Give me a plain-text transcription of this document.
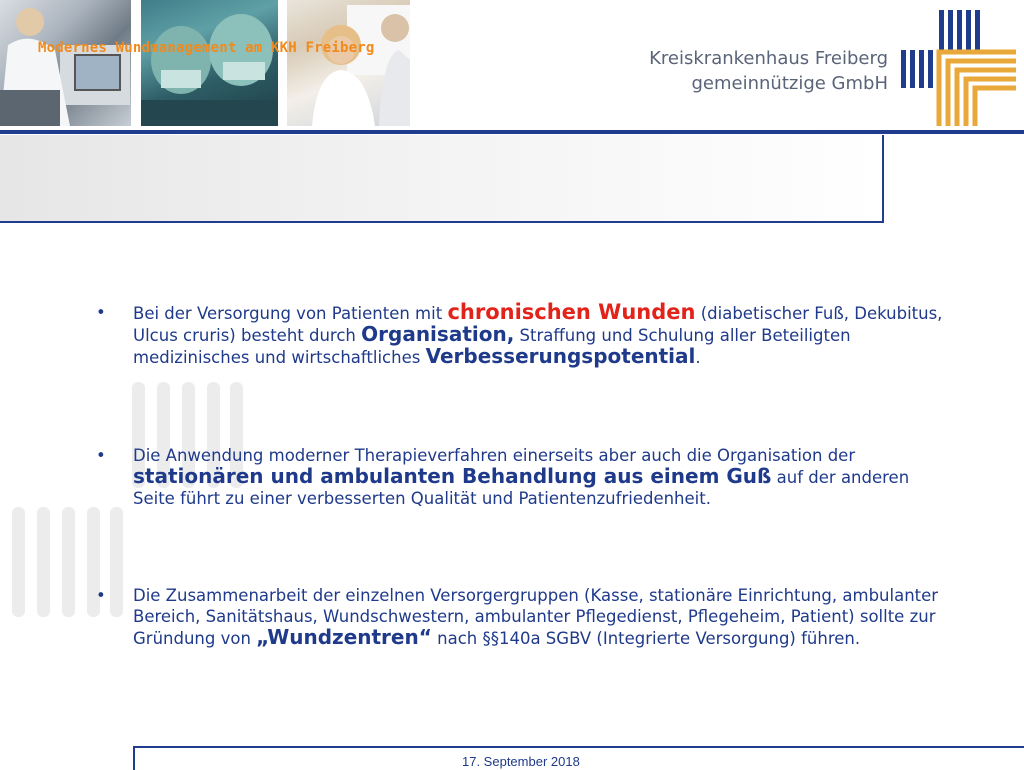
Kreiskrankenhaus Freiberg
gemeinnützige GmbH
Modernes Wundmanagement am KKH Freiberg
• Bei der Versorgung von Patienten mit chronischen Wunden (diabetischer Fuß, Dekubitus, Ulcus cruris) besteht durch Organisation, Straffung und Schulung aller Beteiligten medizinisches und wirtschaftliches Verbesserungspotential.
• Die Anwendung moderner Therapieverfahren einerseits aber auch die Organisation der stationären und ambulanten Behandlung aus einem Guß auf der anderen Seite führt zu einer verbesserten Qualität und Patientenzufriedenheit.
• Die Zusammenarbeit der einzelnen Versorgergruppen (Kasse, stationäre Einrichtung, ambulanter Bereich, Sanitätshaus, Wundschwestern, ambulanter Pflegedienst, Pflegeheim, Patient) sollte zur Gründung von „Wundzentren“ nach §§140a SGBV (Integrierte Versorgung) führen.
17. September 2018
